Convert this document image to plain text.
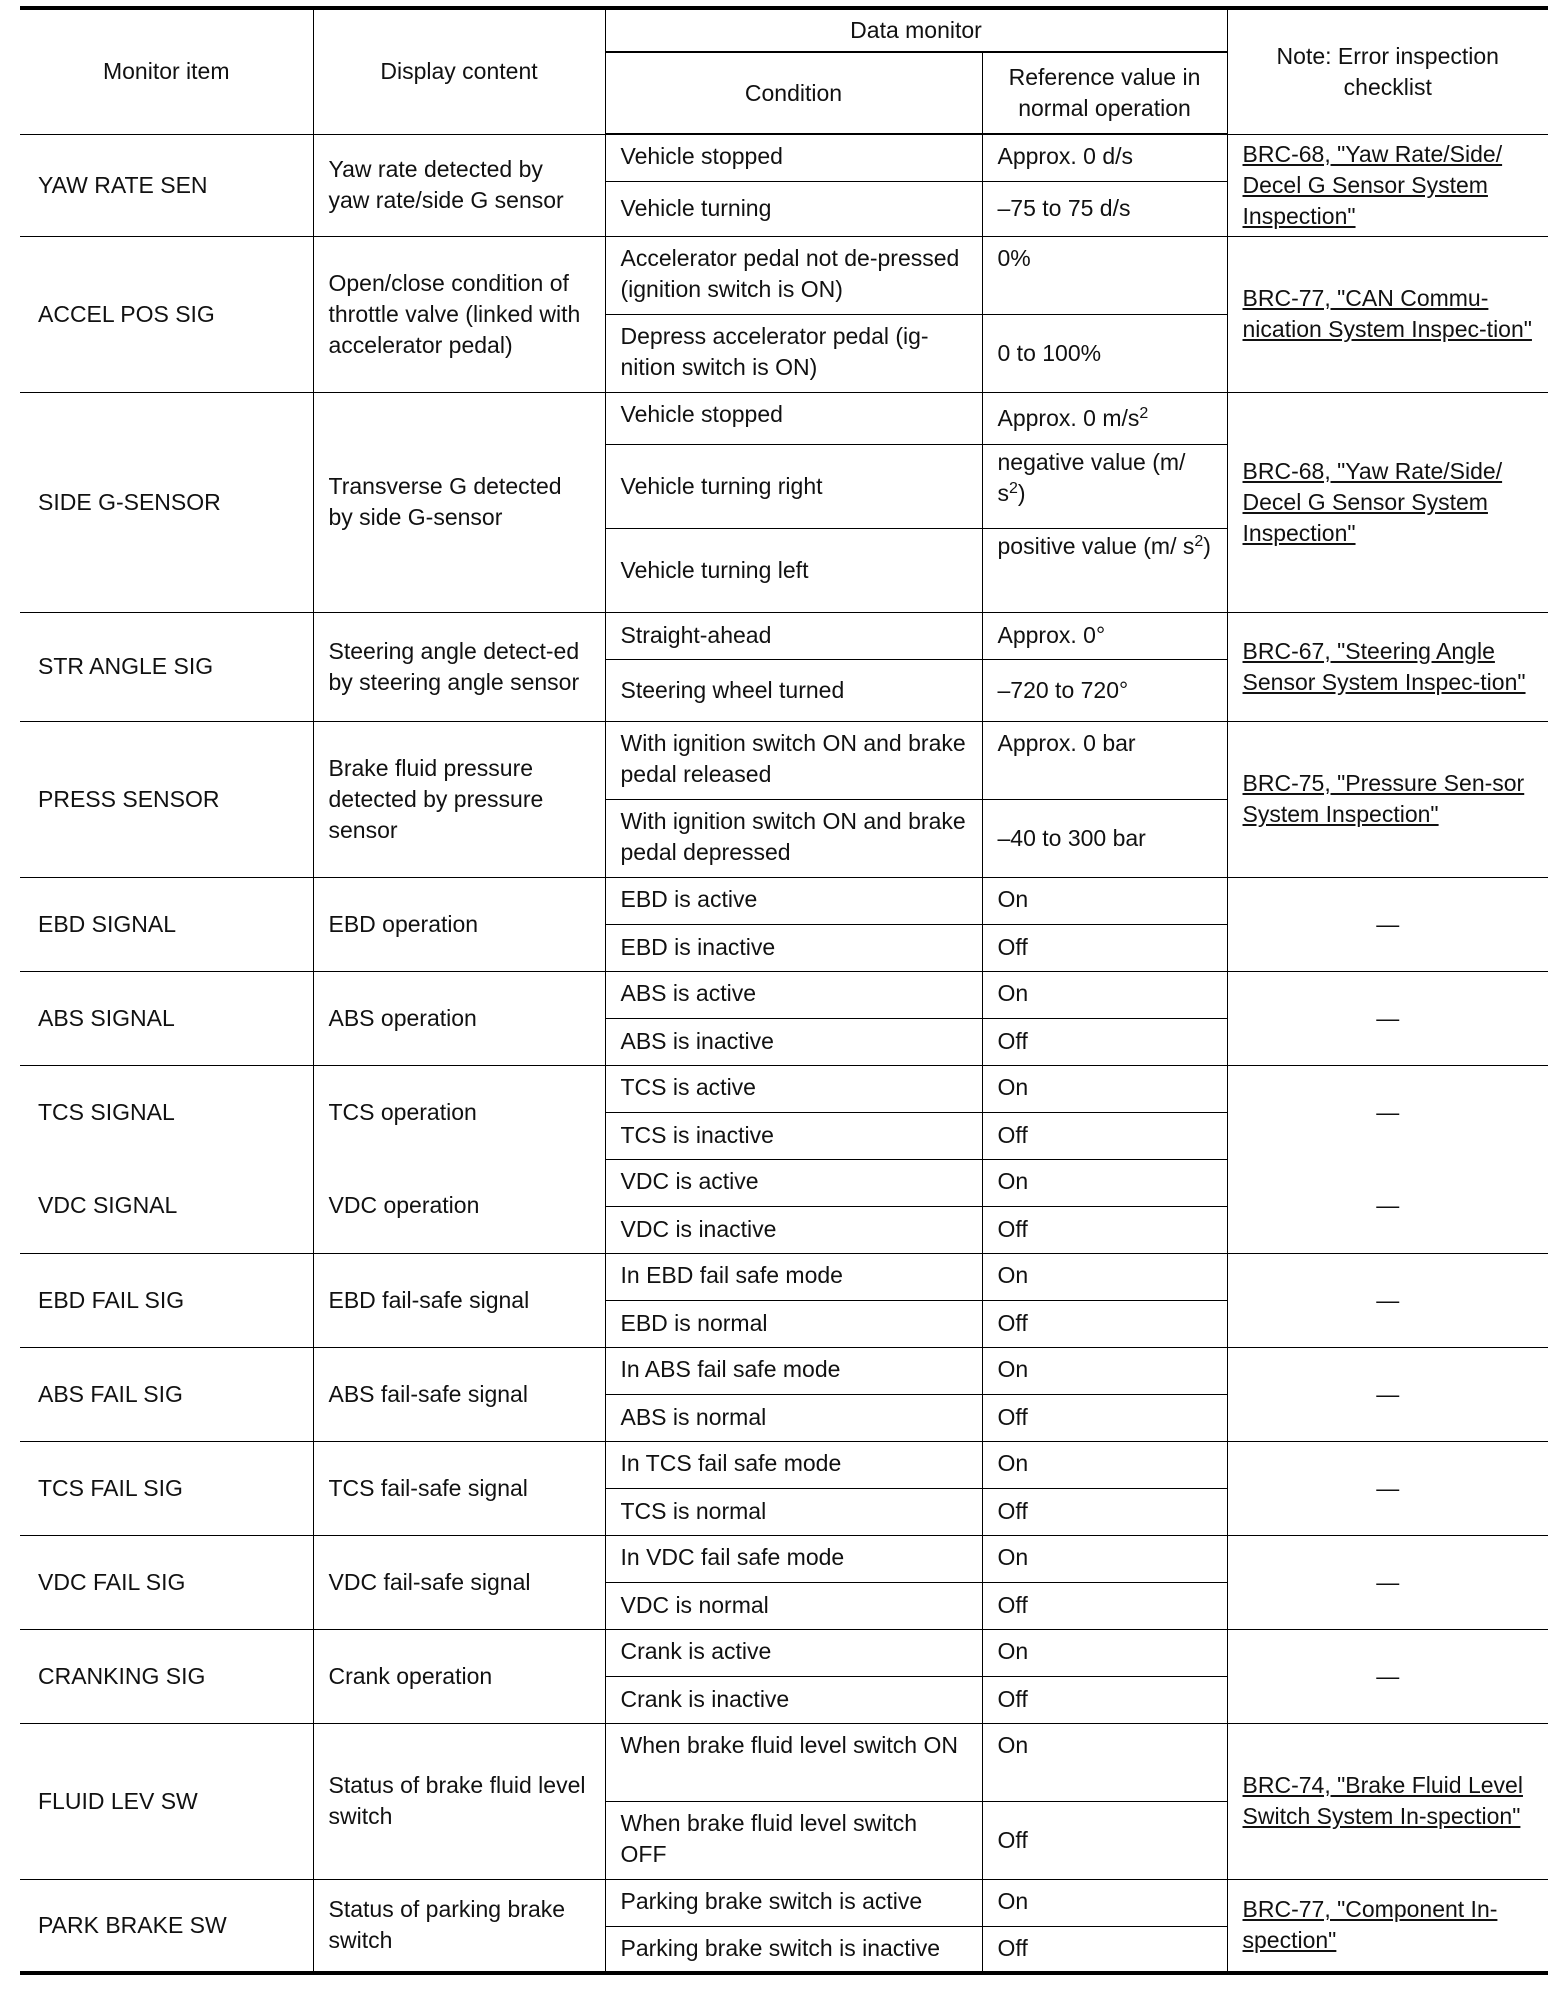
Monitor item	Display content	Data monitor		Note: Error inspection checklist
		Condition	Reference value in normal operation	
YAW RATE SEN	Yaw rate detected by yaw rate/side G sensor	Vehicle stopped	Approx. 0 d/s	BRC-68, "Yaw Rate/Side/ Decel G Sensor System Inspection"
		Vehicle turning	–75 to 75 d/s	
ACCEL POS SIG	Open/close condition of throttle valve (linked with accelerator pedal)	Accelerator pedal not de-pressed (ignition switch is ON)	0%	BRC-77, "CAN Commu-nication System Inspec-tion"
		Depress accelerator pedal (ig-nition switch is ON)	0 to 100%	
SIDE G-SENSOR	Transverse G detected by side G-sensor	Vehicle stopped	Approx. 0 $m/s^2$	BRC-68, "Yaw Rate/Side/ Decel G Sensor System Inspection"
		Vehicle turning right	negative value (m/ $s^2$)	
		Vehicle turning left	positive value (m/ $s^2$)	
STR ANGLE SIG	Steering angle detect-ed by steering angle sensor	Straight-ahead	Approx. 0°	BRC-67, "Steering Angle Sensor System Inspec-tion"
		Steering wheel turned	–720 to 720°	
PRESS SENSOR	Brake fluid pressure detected by pressure sensor	With ignition switch ON and brake pedal released	Approx. 0 bar	BRC-75, "Pressure Sen-sor System Inspection"
		With ignition switch ON and brake pedal depressed	–40 to 300 bar	
EBD SIGNAL	EBD operation	EBD is active	On	—
		EBD is inactive	Off	
ABS SIGNAL	ABS operation	ABS is active	On	—
		ABS is inactive	Off	
TCS SIGNAL	TCS operation	TCS is active	On	—
		TCS is inactive	Off	
VDC SIGNAL	VDC operation	VDC is active	On	—
		VDC is inactive	Off	
EBD FAIL SIG	EBD fail-safe signal	In EBD fail safe mode	On	—
		EBD is normal	Off	
ABS FAIL SIG	ABS fail-safe signal	In ABS fail safe mode	On	—
		ABS is normal	Off	
TCS FAIL SIG	TCS fail-safe signal	In TCS fail safe mode	On	—
		TCS is normal	Off	
VDC FAIL SIG	VDC fail-safe signal	In VDC fail safe mode	On	—
		VDC is normal	Off	
CRANKING SIG	Crank operation	Crank is active	On	—
		Crank is inactive	Off	
FLUID LEV SW	Status of brake fluid level switch	When brake fluid level switch ON	On	BRC-74, "Brake Fluid Level Switch System In-spection"
		When brake fluid level switch OFF	Off	
PARK BRAKE SW	Status of parking brake switch	Parking brake switch is active	On	BRC-77, "Component In-spection"
		Parking brake switch is inactive	Off	
